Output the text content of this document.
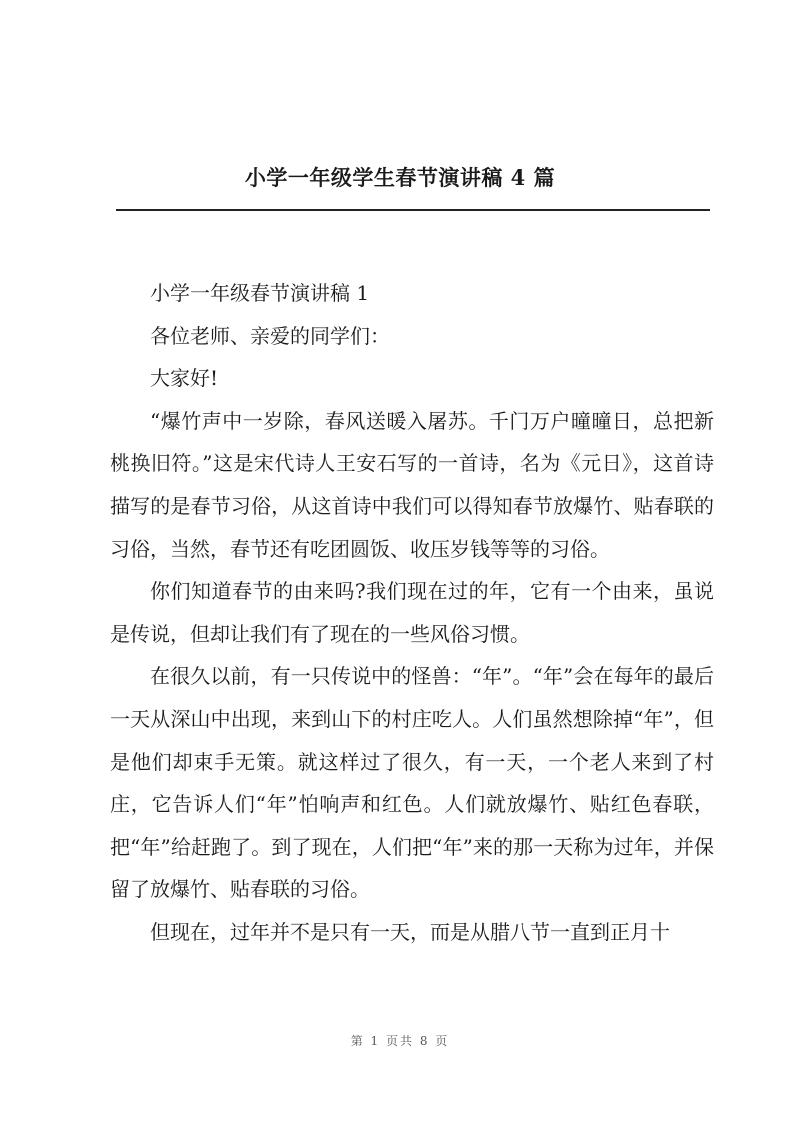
小学一年级学生春节演讲稿 4 篇

小学一年级春节演讲稿 1

各位老师、亲爱的同学们：

大家好!

“爆竹声中一岁除，春风送暖入屠苏。千门万户曈曈日，总把新桃换旧符。”这是宋代诗人王安石写的一首诗，名为《元日》，这首诗描写的是春节习俗，从这首诗中我们可以得知春节放爆竹、贴春联的习俗，当然，春节还有吃团圆饭、收压岁钱等等的习俗。

你们知道春节的由来吗?我们现在过的年，它有一个由来，虽说是传说，但却让我们有了现在的一些风俗习惯。

在很久以前，有一只传说中的怪兽：“年”。“年”会在每年的最后一天从深山中出现，来到山下的村庄吃人。人们虽然想除掉“年”，但是他们却束手无策。就这样过了很久，有一天，一个老人来到了村庄，它告诉人们“年”怕响声和红色。人们就放爆竹、贴红色春联，把“年”给赶跑了。到了现在，人们把“年”来的那一天称为过年，并保留了放爆竹、贴春联的习俗。

但现在，过年并不是只有一天，而是从腊八节一直到正月十

第 1 页共 8 页
